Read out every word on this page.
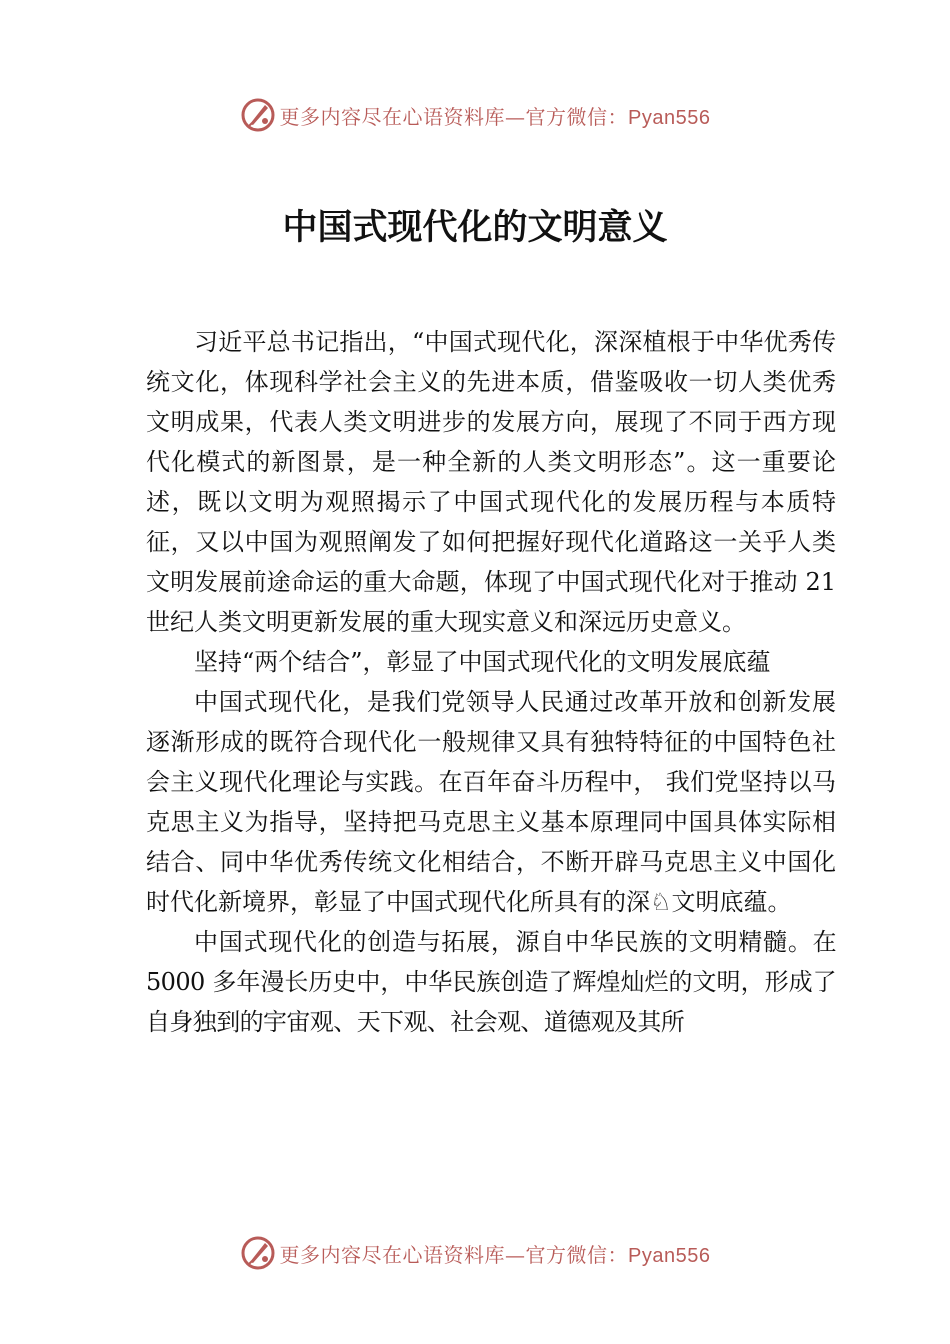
更多内容尽在心语资料库—官方微信：Pyan556
中国式现代化的文明意义

习近平总书记指出，“中国式现代化，深深植根于中华优秀传统文化，体现科学社会主义的先进本质，借鉴吸收一切人类优秀文明成果，代表人类文明进步的发展方向，展现了不同于西方现代化模式的新图景，是一种全新的人类文明形态”。这一重要论述，既以文明为观照揭示了中国式现代化的发展历程与本质特征，又以中国为观照阐发了如何把握好现代化道路这一关乎人类文明发展前途命运的重大命题，体现了中国式现代化对于推动 21 世纪人类文明更新发展的重大现实意义和深远历史意义。

坚持“两个结合”，彰显了中国式现代化的文明发展底蕴

中国式现代化，是我们党领导人民通过改革开放和创新发展逐渐形成的既符合现代化一般规律又具有独特特征的中国特色社会主义现代化理论与实践。在百年奋斗历程中， 我们党坚持以马克思主义为指导，坚持把马克思主义基本原理同中国具体实际相结合、同中华优秀传统文化相结合，不断开辟马克思主义中国化时代化新境界，彰显了中国式现代化所具有的深♘文明底蕴。

中国式现代化的创造与拓展，源自中华民族的文明精髓。在 5000 多年漫长历史中，中华民族创造了辉煌灿烂的文明，形成了自身独到的宇宙观、天下观、社会观、道德观及其所

更多内容尽在心语资料库—官方微信：Pyan556
